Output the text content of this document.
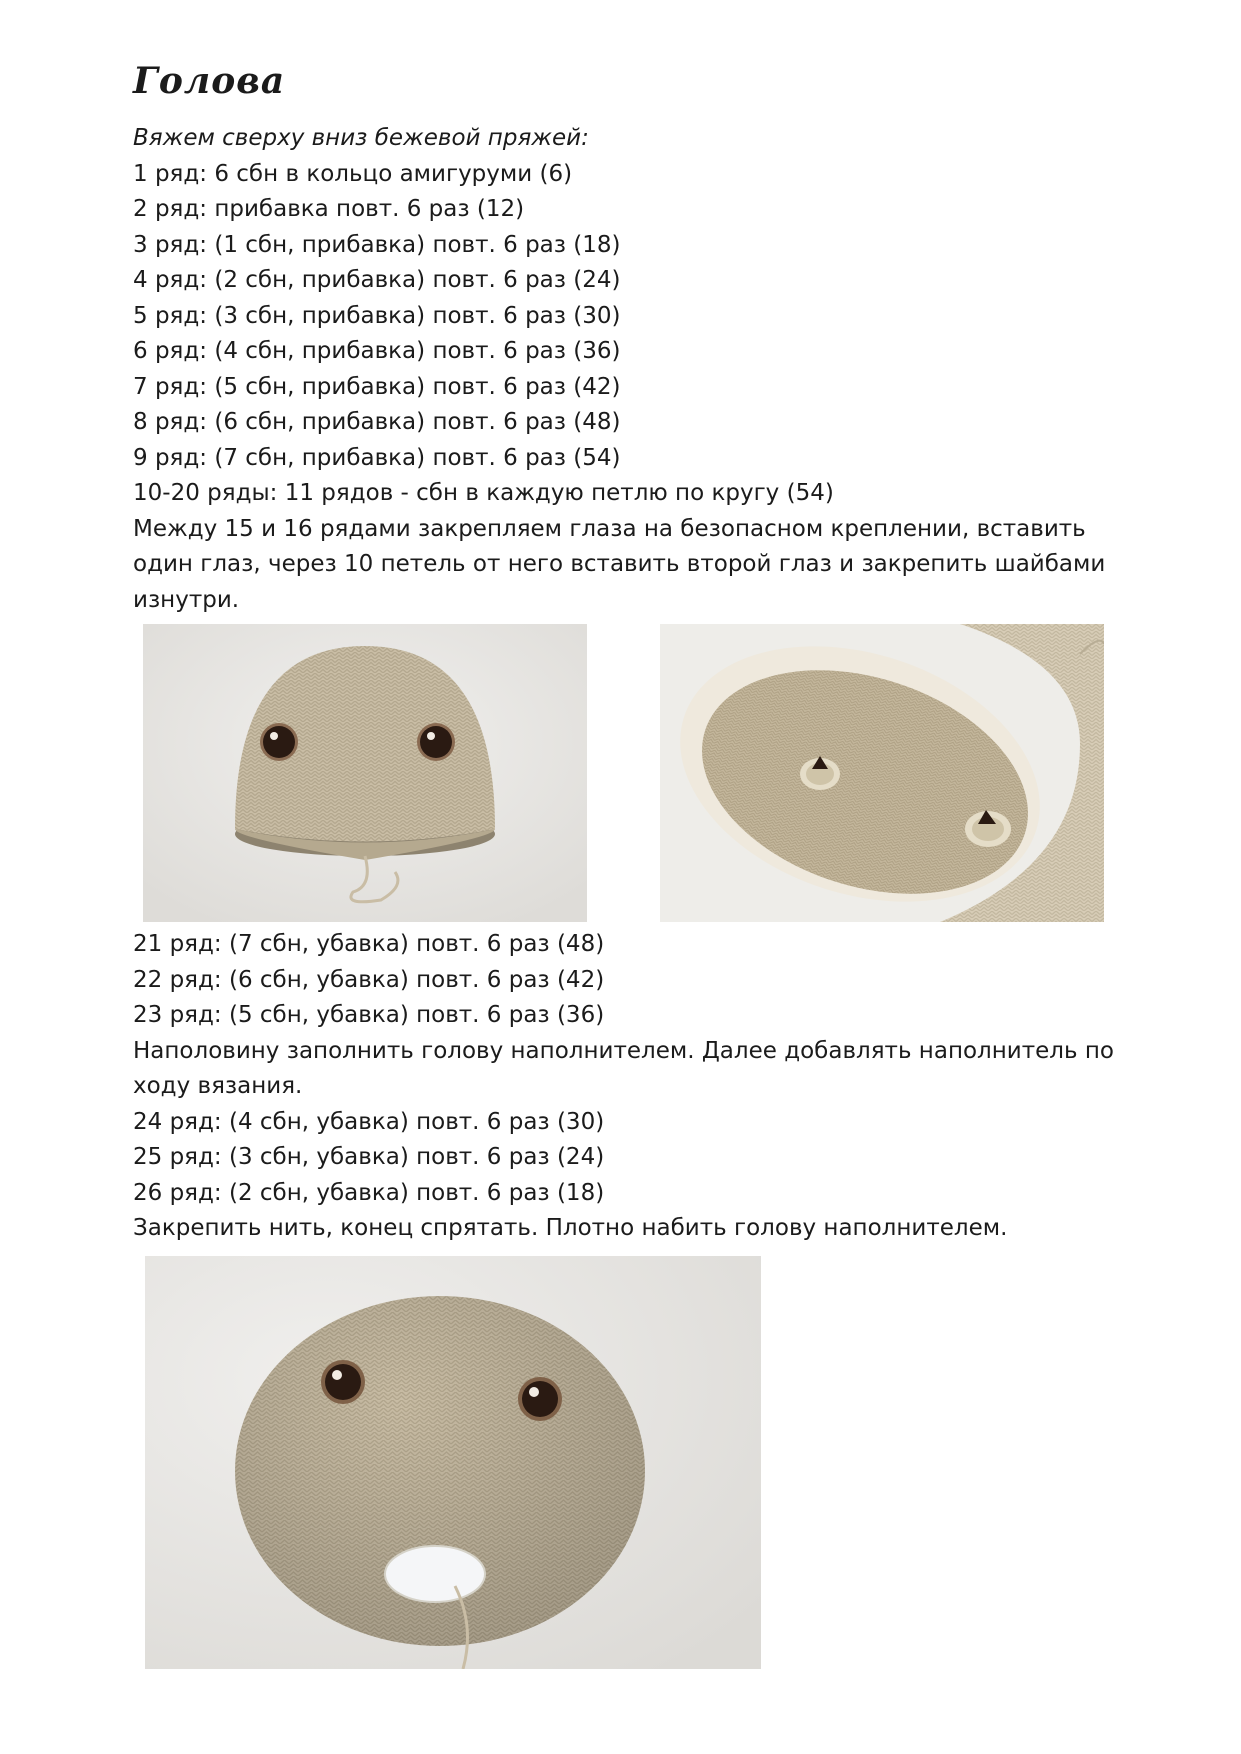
Голова
Вяжем сверху вниз бежевой пряжей:
1 ряд: 6 сбн в кольцо амигуруми (6)
2 ряд: прибавка повт. 6 раз (12)
3 ряд: (1 сбн, прибавка) повт. 6 раз (18)
4 ряд: (2 сбн, прибавка) повт. 6 раз (24)
5 ряд: (3 сбн, прибавка) повт. 6 раз (30)
6 ряд: (4 сбн, прибавка) повт. 6 раз (36)
7 ряд: (5 сбн, прибавка) повт. 6 раз (42)
8 ряд: (6 сбн, прибавка) повт. 6 раз (48)
9 ряд: (7 сбн, прибавка) повт. 6 раз (54)
10-20 ряды: 11 рядов - сбн в каждую петлю по кругу (54)
Между 15 и 16 рядами закрепляем глаза на безопасном креплении, вставить один глаз, через 10 петель от него вставить второй глаз и закрепить шайбами изнутри.
21 ряд: (7 сбн, убавка) повт. 6 раз (48)
22 ряд: (6 сбн, убавка) повт. 6 раз (42)
23 ряд: (5 сбн, убавка) повт. 6 раз (36)
Наполовину заполнить голову наполнителем. Далее добавлять наполнитель по ходу вязания.
24 ряд: (4 сбн, убавка) повт. 6 раз (30)
25 ряд: (3 сбн, убавка) повт. 6 раз (24)
26 ряд: (2 сбн, убавка) повт. 6 раз (18)
Закрепить нить, конец спрятать. Плотно набить голову наполнителем.
